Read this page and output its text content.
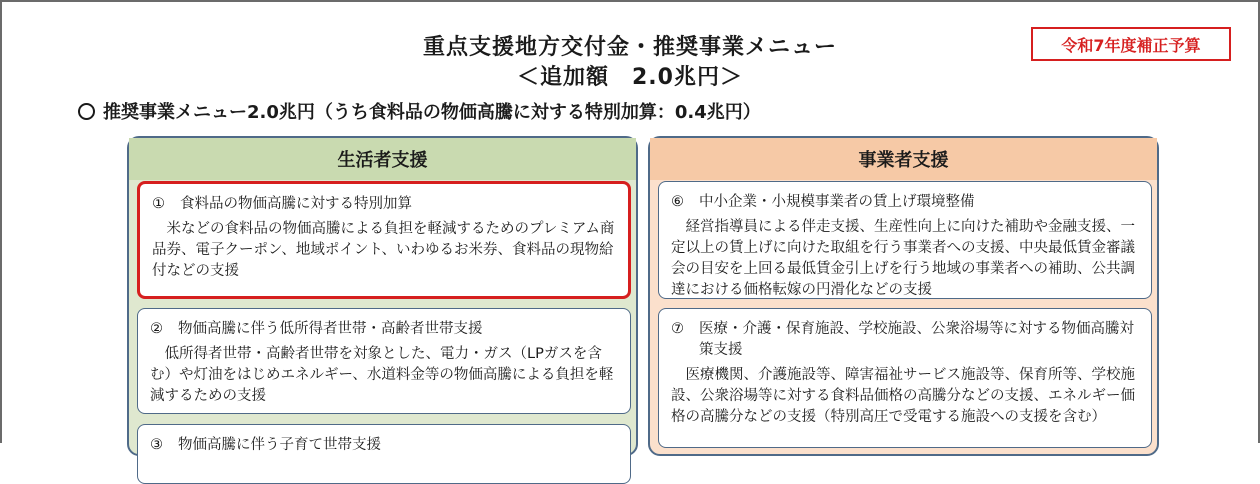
重点支援地方交付金・推奨事業メニュー
＜追加額　2.0兆円＞
令和7年度補正予算
推奨事業メニュー2.0兆円（うち食料品の物価高騰に対する特別加算：0.4兆円）
生活者支援
①	食料品の物価高騰に対する特別加算
米などの食料品の物価高騰による負担を軽減するためのプレミアム商品券、電子クーポン、地域ポイント、いわゆるお米券、食料品の現物給付などの支援
②	物価高騰に伴う低所得者世帯・高齢者世帯支援
低所得者世帯・高齢者世帯を対象とした、電力・ガス（LPガスを含む）や灯油をはじめエネルギー、水道料金等の物価高騰による負担を軽減するための支援
③	物価高騰に伴う子育て世帯支援
事業者支援
⑥	中小企業・小規模事業者の賃上げ環境整備
経営指導員による伴走支援、生産性向上に向けた補助や金融支援、一定以上の賃上げに向けた取組を行う事業者への支援、中央最低賃金審議会の目安を上回る最低賃金引上げを行う地域の事業者への補助、公共調達における価格転嫁の円滑化などの支援
⑦	医療・介護・保育施設、学校施設、公衆浴場等に対する物価高騰対策支援
医療機関、介護施設等、障害福祉サービス施設等、保育所等、学校施設、公衆浴場等に対する食料品価格の高騰分などの支援、エネルギー価格の高騰分などの支援（特別高圧で受電する施設への支援を含む）
